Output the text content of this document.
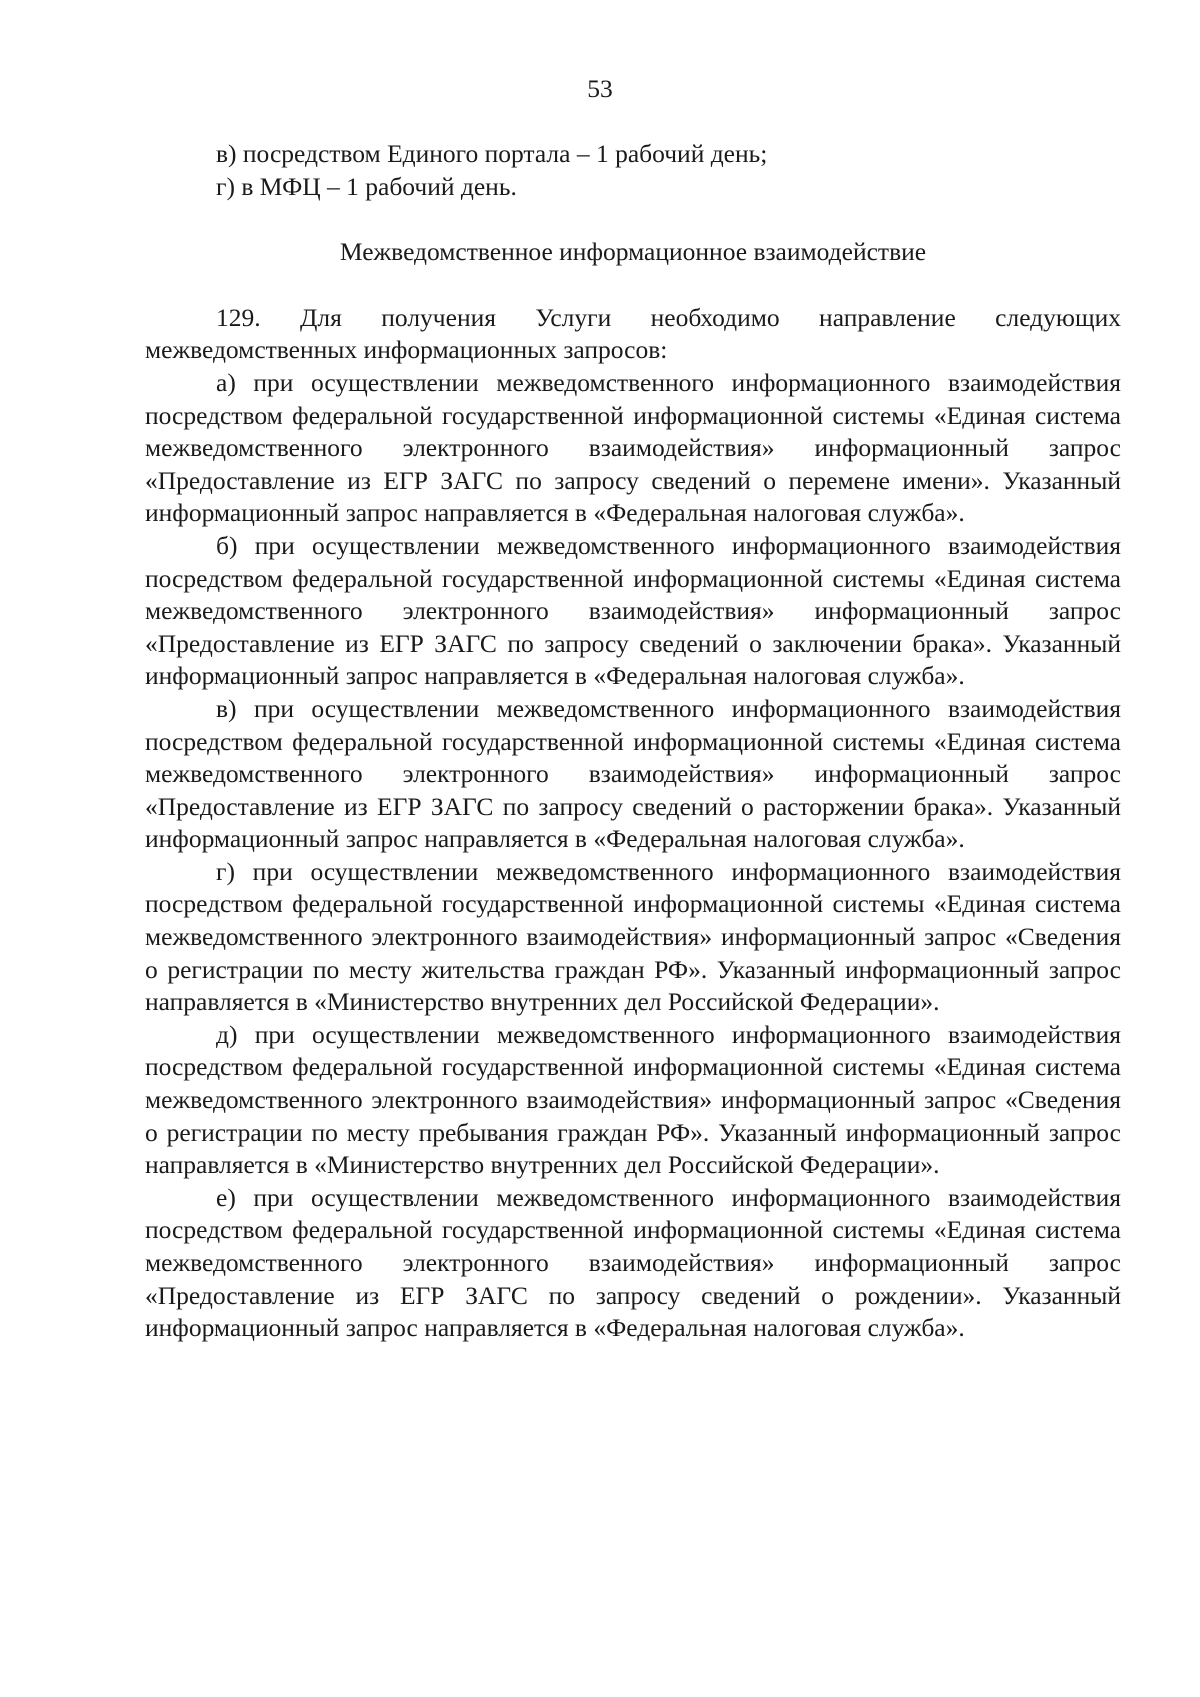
53

в) посредством Единого портала – 1 рабочий день;

г) в МФЦ – 1 рабочий день.

Межведомственное информационное взаимодействие

129. Для получения Услуги необходимо направление следующих межведомственных информационных запросов:

а) при осуществлении межведомственного информационного взаимодействия посредством федеральной государственной информационной системы «Единая система межведомственного электронного взаимодействия» информационный запрос «Предоставление из ЕГР ЗАГС по запросу сведений о перемене имени». Указанный информационный запрос направляется в «Федеральная налоговая служба».

б) при осуществлении межведомственного информационного взаимодействия посредством федеральной государственной информационной системы «Единая система межведомственного электронного взаимодействия» информационный запрос «Предоставление из ЕГР ЗАГС по запросу сведений о заключении брака». Указанный информационный запрос направляется в «Федеральная налоговая служба».

в) при осуществлении межведомственного информационного взаимодействия посредством федеральной государственной информационной системы «Единая система межведомственного электронного взаимодействия» информационный запрос «Предоставление из ЕГР ЗАГС по запросу сведений о расторжении брака». Указанный информационный запрос направляется в «Федеральная налоговая служба».

г) при осуществлении межведомственного информационного взаимодействия посредством федеральной государственной информационной системы «Единая система межведомственного электронного взаимодействия» информационный запрос «Сведения о регистрации по месту жительства граждан РФ». Указанный информационный запрос направляется в «Министерство внутренних дел Российской Федерации».

д) при осуществлении межведомственного информационного взаимодействия посредством федеральной государственной информационной системы «Единая система межведомственного электронного взаимодействия» информационный запрос «Сведения о регистрации по месту пребывания граждан РФ». Указанный информационный запрос направляется в «Министерство внутренних дел Российской Федерации».

е) при осуществлении межведомственного информационного взаимодействия посредством федеральной государственной информационной системы «Единая система межведомственного электронного взаимодействия» информационный запрос «Предоставление из ЕГР ЗАГС по запросу сведений о рождении». Указанный информационный запрос направляется в «Федеральная налоговая служба».
